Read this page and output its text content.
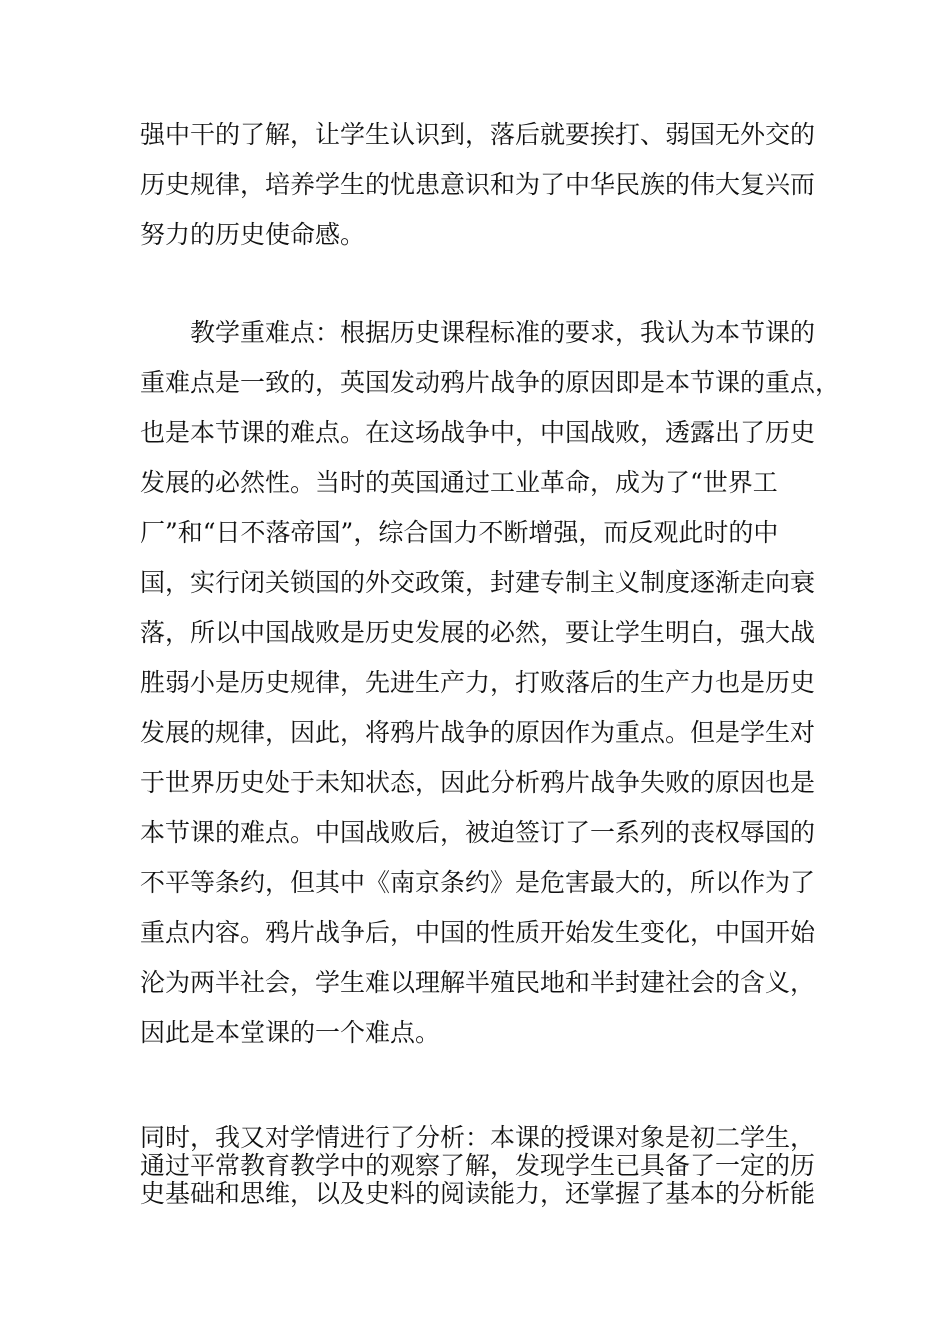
强中干的了解，让学生认识到，落后就要挨打、弱国无外交的
历史规律，培养学生的忧患意识和为了中华民族的伟大复兴而
努力的历史使命感。
教学重难点：根据历史课程标准的要求，我认为本节课的
重难点是一致的，英国发动鸦片战争的原因即是本节课的重点，
也是本节课的难点。在这场战争中，中国战败，透露出了历史
发展的必然性。当时的英国通过工业革命，成为了“世界工
厂”和“日不落帝国”，综合国力不断增强，而反观此时的中
国，实行闭关锁国的外交政策，封建专制主义制度逐渐走向衰
落，所以中国战败是历史发展的必然，要让学生明白，强大战
胜弱小是历史规律，先进生产力，打败落后的生产力也是历史
发展的规律，因此，将鸦片战争的原因作为重点。但是学生对
于世界历史处于未知状态，因此分析鸦片战争失败的原因也是
本节课的难点。中国战败后，被迫签订了一系列的丧权辱国的
不平等条约，但其中《南京条约》是危害最大的，所以作为了
重点内容。鸦片战争后，中国的性质开始发生变化，中国开始
沦为两半社会，学生难以理解半殖民地和半封建社会的含义，
因此是本堂课的一个难点。
同时，我又对学情进行了分析：本课的授课对象是初二学生，
通过平常教育教学中的观察了解，发现学生已具备了一定的历
史基础和思维，以及史料的阅读能力，还掌握了基本的分析能
